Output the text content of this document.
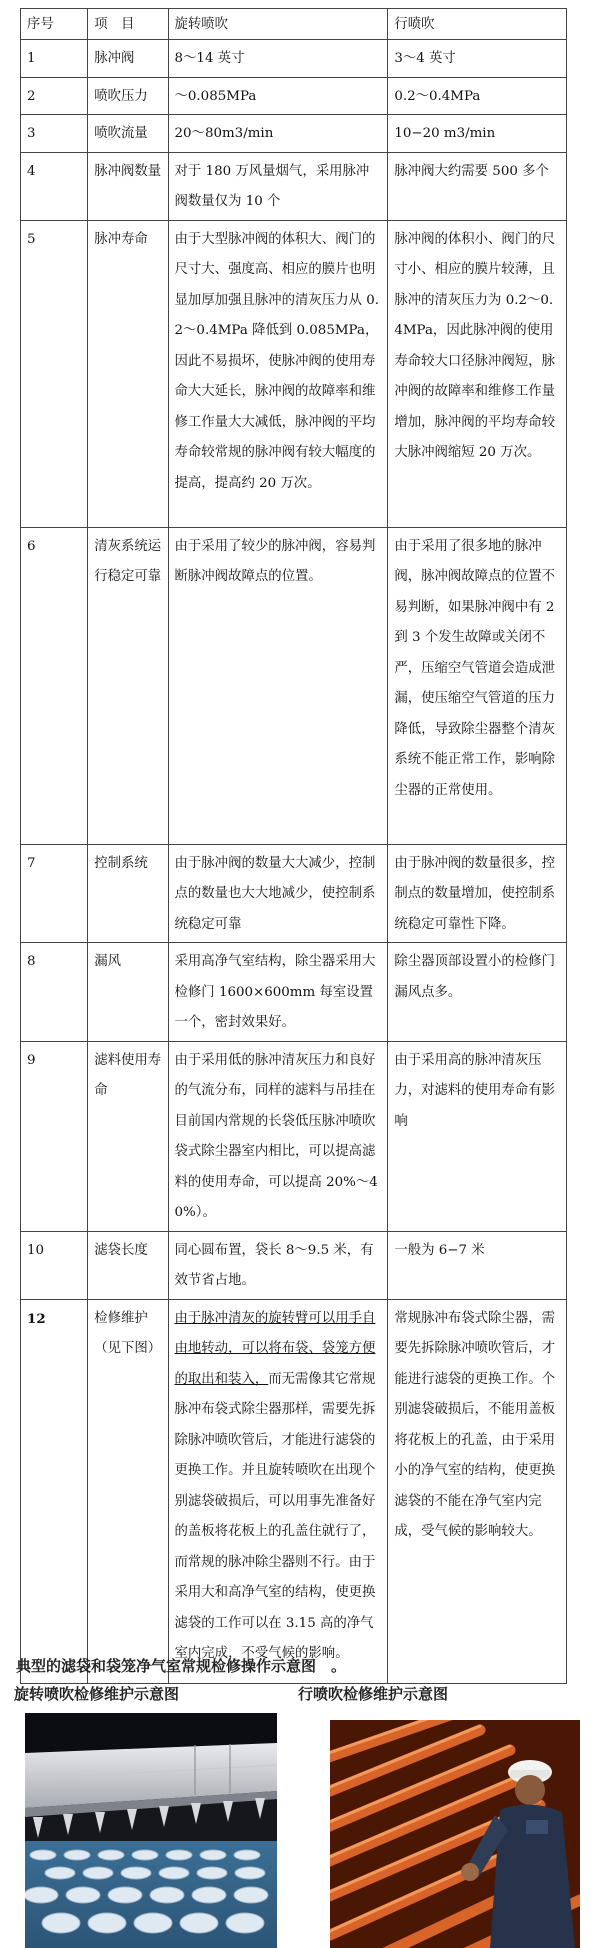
序号	项　目	旋转喷吹	行喷吹
1	脉冲阀	8～14 英寸	3～4 英寸
2	喷吹压力	～0.085MPa	0.2～0.4MPa
3	喷吹流量	20～80m3/min	10−20 m3/min
4	脉冲阀数量	对于 180 万风量烟气，采用脉冲阀数量仅为 10 个	脉冲阀大约需要 500 多个
5	脉冲寿命	由于大型脉冲阀的体积大、阀门的尺寸大、强度高、相应的膜片也明显加厚加强且脉冲的清灰压力从 0.2～0.4MPa 降低到 0.085MPa，因此不易损坏，使脉冲阀的使用寿命大大延长，脉冲阀的故障率和维修工作量大大减低，脉冲阀的平均寿命较常规的脉冲阀有较大幅度的提高，提高约 20 万次。	脉冲阀的体积小、阀门的尺寸小、相应的膜片较薄，且脉冲的清灰压力为 0.2～0.4MPa，因此脉冲阀的使用寿命较大口径脉冲阀短，脉冲阀的故障率和维修工作量增加，脉冲阀的平均寿命较大脉冲阀缩短 20 万次。
6	清灰系统运行稳定可靠	由于采用了较少的脉冲阀，容易判断脉冲阀故障点的位置。	由于采用了很多地的脉冲阀，脉冲阀故障点的位置不易判断，如果脉冲阀中有 2 到 3 个发生故障或关闭不严，压缩空气管道会造成泄漏，使压缩空气管道的压力降低，导致除尘器整个清灰系统不能正常工作，影响除尘器的正常使用。
7	控制系统	由于脉冲阀的数量大大减少，控制点的数量也大大地减少，使控制系统稳定可靠	由于脉冲阀的数量很多，控制点的数量增加，使控制系统稳定可靠性下降。
8	漏风	采用高净气室结构，除尘器采用大检修门 1600×600mm 每室设置一个，密封效果好。	除尘器顶部设置小的检修门漏风点多。
9	滤料使用寿命	由于采用低的脉冲清灰压力和良好的气流分布，同样的滤料与吊挂在目前国内常规的长袋低压脉冲喷吹袋式除尘器室内相比，可以提高滤料的使用寿命，可以提高 20%～40%）。	由于采用高的脉冲清灰压力，对滤料的使用寿命有影响
10	滤袋长度	同心圆布置，袋长 8～9.5 米，有效节省占地。	一般为 6−7 米
12	检修维护（见下图）	由于脉冲清灰的旋转臂可以用手自由地转动，可以将布袋、袋笼方便的取出和装入，而无需像其它常规脉冲布袋式除尘器那样，需要先拆除脉冲喷吹管后，才能进行滤袋的更换工作。并且旋转喷吹在出现个别滤袋破损后，可以用事先准备好的盖板将花板上的孔盖住就行了，而常规的脉冲除尘器则不行。由于采用大和高净气室的结构，使更换滤袋的工作可以在 3.15 高的净气室内完成，不受气候的影响。	常规脉冲布袋式除尘器，需要先拆除脉冲喷吹管后，才能进行滤袋的更换工作。个别滤袋破损后，不能用盖板将花板上的孔盖，由于采用小的净气室的结构，使更换滤袋的不能在净气室内完成，受气候的影响较大。
典型的滤袋和袋笼净气室常规检修操作示意图　。
旋转喷吹检修维护示意图	行喷吹检修维护示意图
